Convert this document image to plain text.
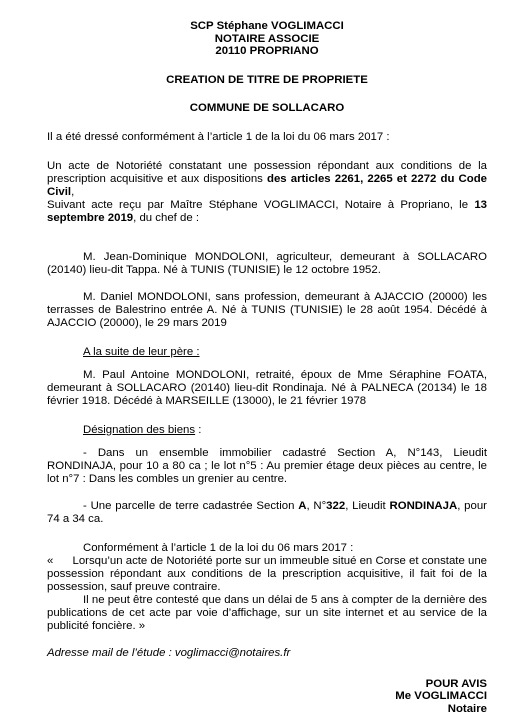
SCP Stéphane VOGLIMACCI
NOTAIRE ASSOCIE
20110 PROPRIANO
CREATION DE TITRE DE PROPRIETE
COMMUNE DE SOLLACARO

Il a été dressé conformément à l’article 1 de la loi du 06 mars 2017 :

Un acte de Notoriété constatant une possession répondant aux conditions de la prescription acquisitive et aux dispositions des articles 2261, 2265 et 2272 du Code Civil,

Suivant acte reçu par Maître Stéphane VOGLIMACCI, Notaire à Propriano, le 13 septembre 2019, du chef de :

M. Jean-Dominique MONDOLONI, agriculteur, demeurant à SOLLACARO (20140) lieu-dit Tappa. Né à TUNIS (TUNISIE) le 12 octobre 1952.

M. Daniel MONDOLONI, sans profession, demeurant à AJACCIO (20000) les terrasses de Balestrino entrée A. Né à TUNIS (TUNISIE) le 28 août 1954. Décédé à AJACCIO (20000), le 29 mars 2019

A la suite de leur père :

M. Paul Antoine MONDOLONI, retraité, époux de Mme Séraphine FOATA, demeurant à SOLLACARO (20140) lieu-dit Rondinaja. Né à PALNECA (20134) le 18 février 1918. Décédé à MARSEILLE (13000), le 21 février 1978

Désignation des biens :

- Dans un ensemble immobilier cadastré Section A, N°143, Lieudit RONDINAJA, pour 10 a 80 ca ; le lot n°5 : Au premier étage deux pièces au centre, le lot n°7 : Dans les combles un grenier au centre.

- Une parcelle de terre cadastrée Section A, N°322, Lieudit RONDINAJA, pour 74 a 34 ca.

Conformément à l’article 1 de la loi du 06 mars 2017 :

« Lorsqu’un acte de Notoriété porte sur un immeuble situé en Corse et constate une possession répondant aux conditions de la prescription acquisitive, il fait foi de la possession, sauf preuve contraire.

Il ne peut être contesté que dans un délai de 5 ans à compter de la dernière des publications de cet acte par voie d’affichage, sur un site internet et au service de la publicité foncière. »

Adresse mail de l’étude : voglimacci@notaires.fr

POUR AVIS
Me VOGLIMACCI
Notaire
